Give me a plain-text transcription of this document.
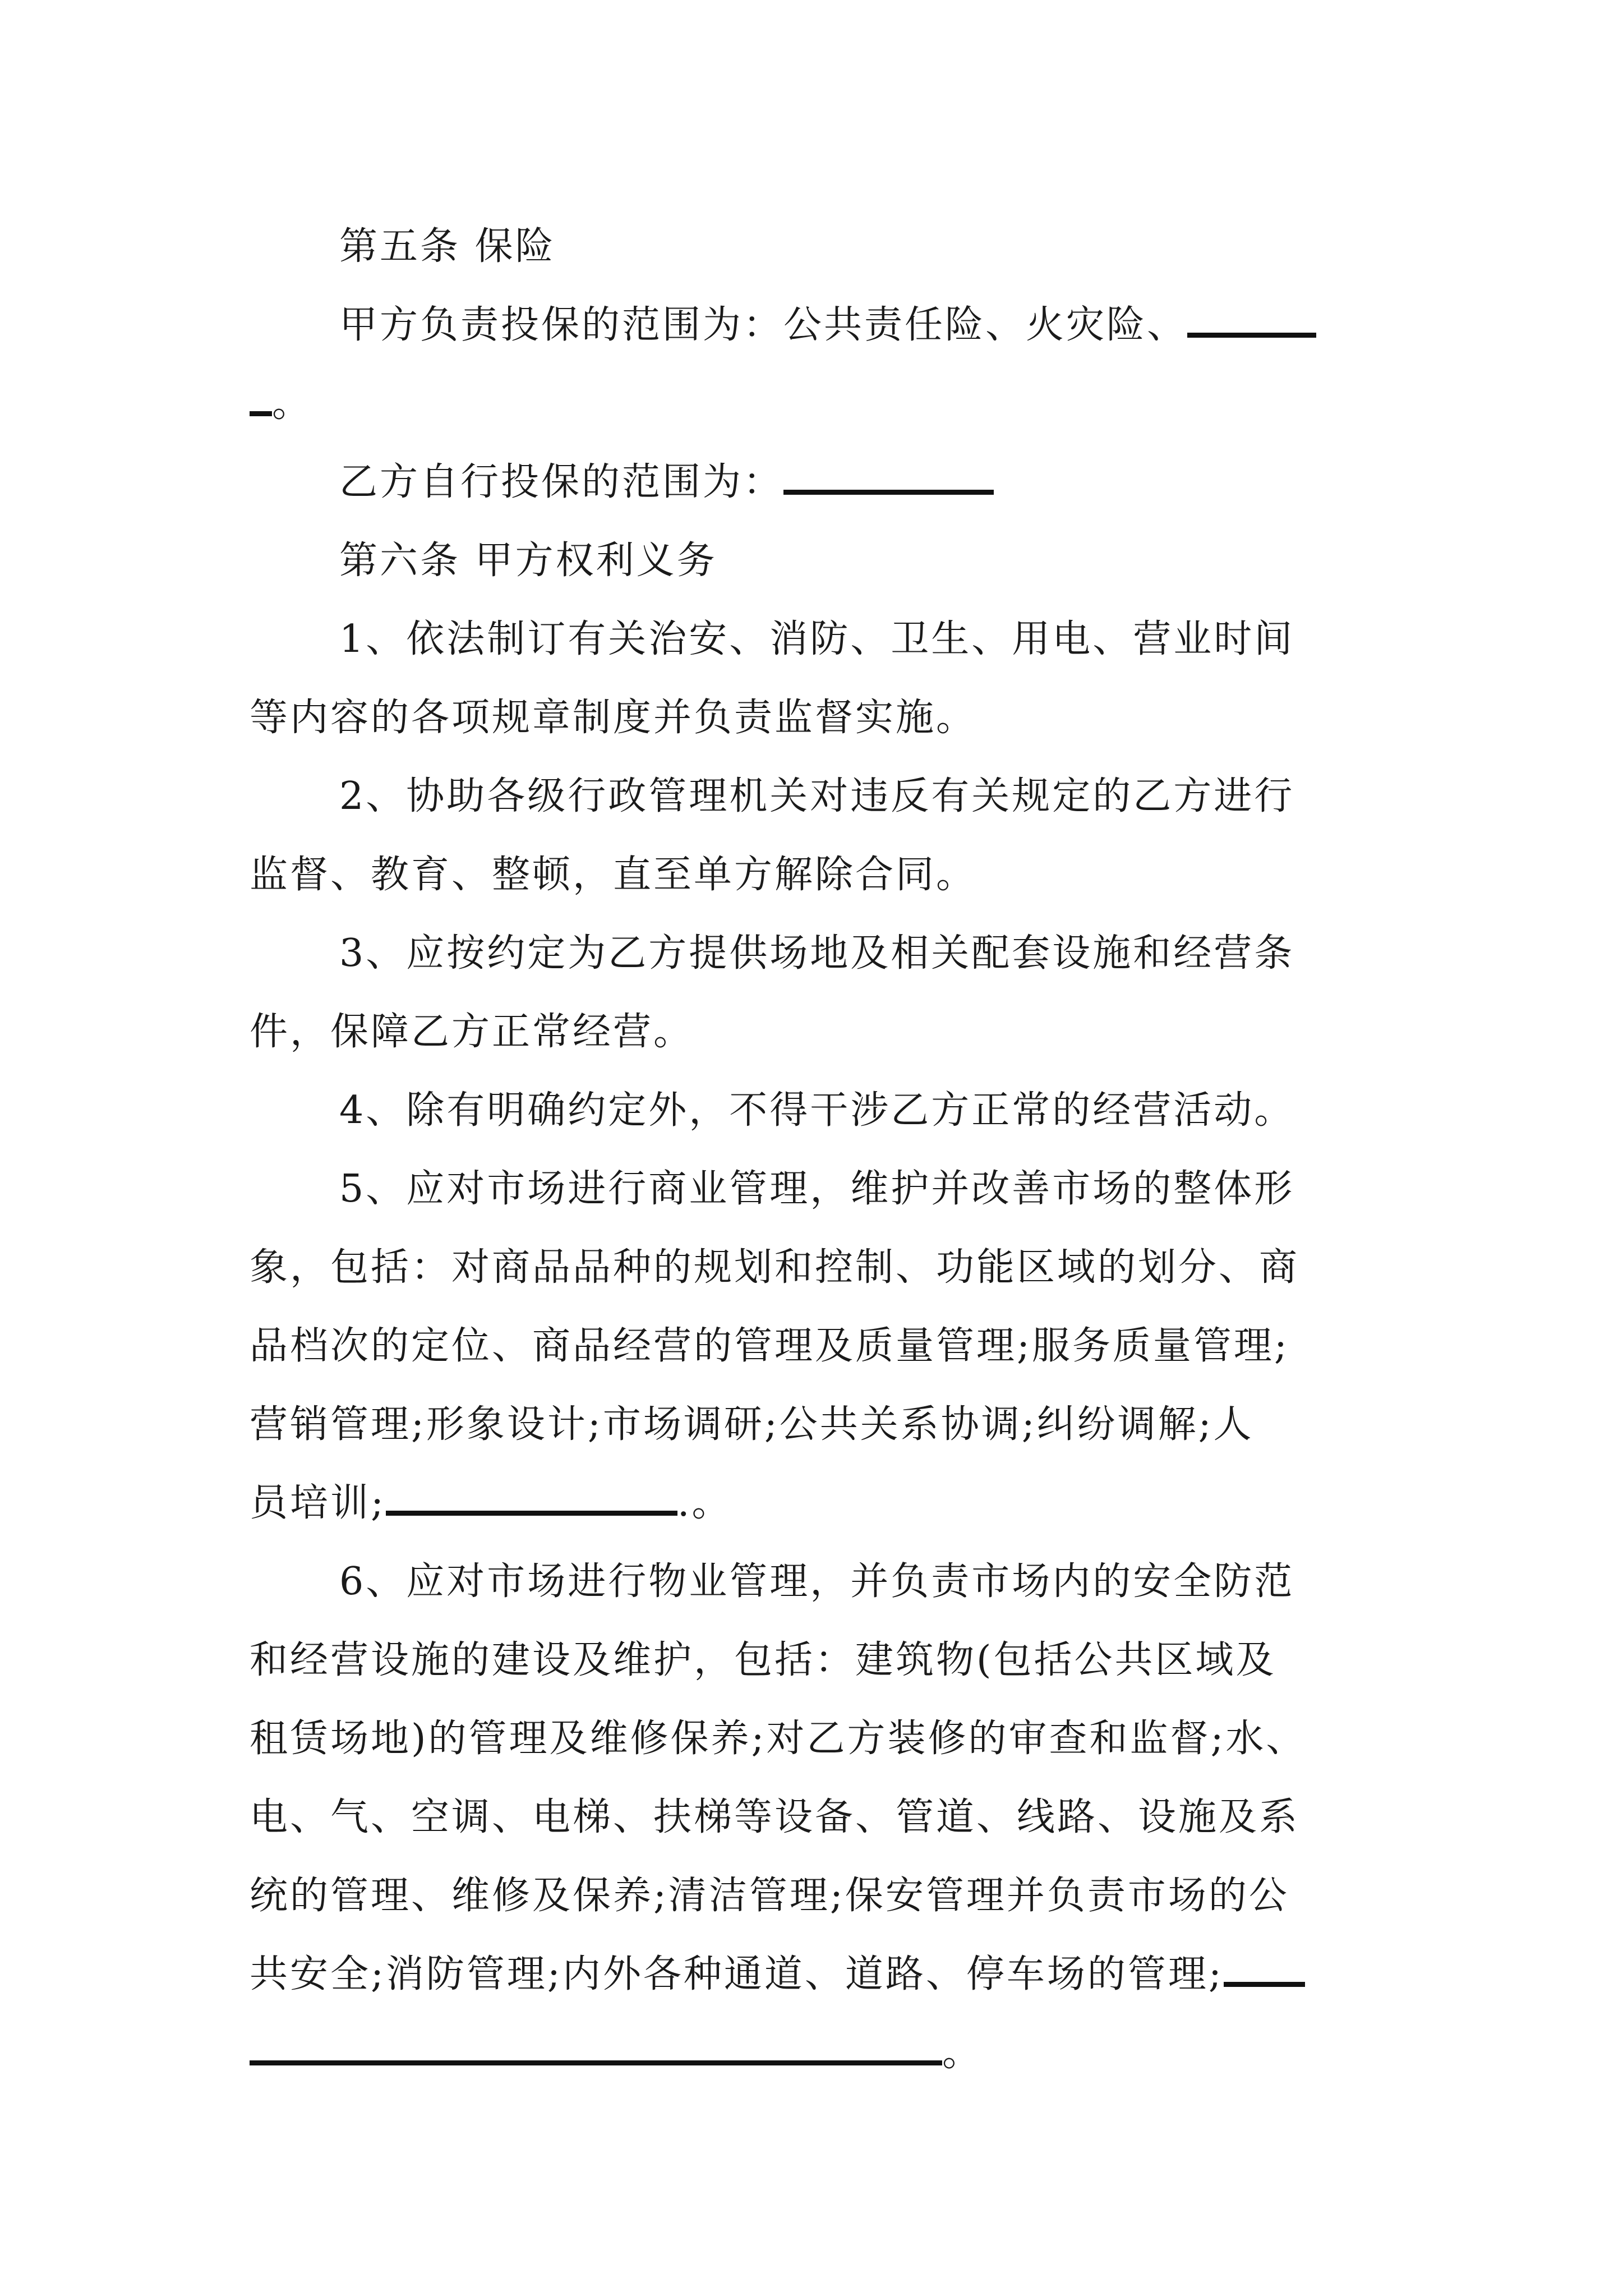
第五条 保险
甲方负责投保的范围为：公共责任险、火灾险、
。
乙方自行投保的范围为：
第六条 甲方权利义务
1、依法制订有关治安、消防、卫生、用电、营业时间
等内容的各项规章制度并负责监督实施。
2、协助各级行政管理机关对违反有关规定的乙方进行
监督、教育、整顿，直至单方解除合同。
3、应按约定为乙方提供场地及相关配套设施和经营条
件，保障乙方正常经营。
4、除有明确约定外，不得干涉乙方正常的经营活动。
5、应对市场进行商业管理，维护并改善市场的整体形
象，包括：对商品品种的规划和控制、功能区域的划分、商
品档次的定位、商品经营的管理及质量管理;服务质量管理;
营销管理;形象设计;市场调研;公共关系协调;纠纷调解;人
员培训;	.。
6、应对市场进行物业管理，并负责市场内的安全防范
和经营设施的建设及维护，包括：建筑物(包括公共区域及
租赁场地)的管理及维修保养;对乙方装修的审查和监督;水、
电、气、空调、电梯、扶梯等设备、管道、线路、设施及系
统的管理、维修及保养;清洁管理;保安管理并负责市场的公
共安全;消防管理;内外各种通道、道路、停车场的管理;
。
